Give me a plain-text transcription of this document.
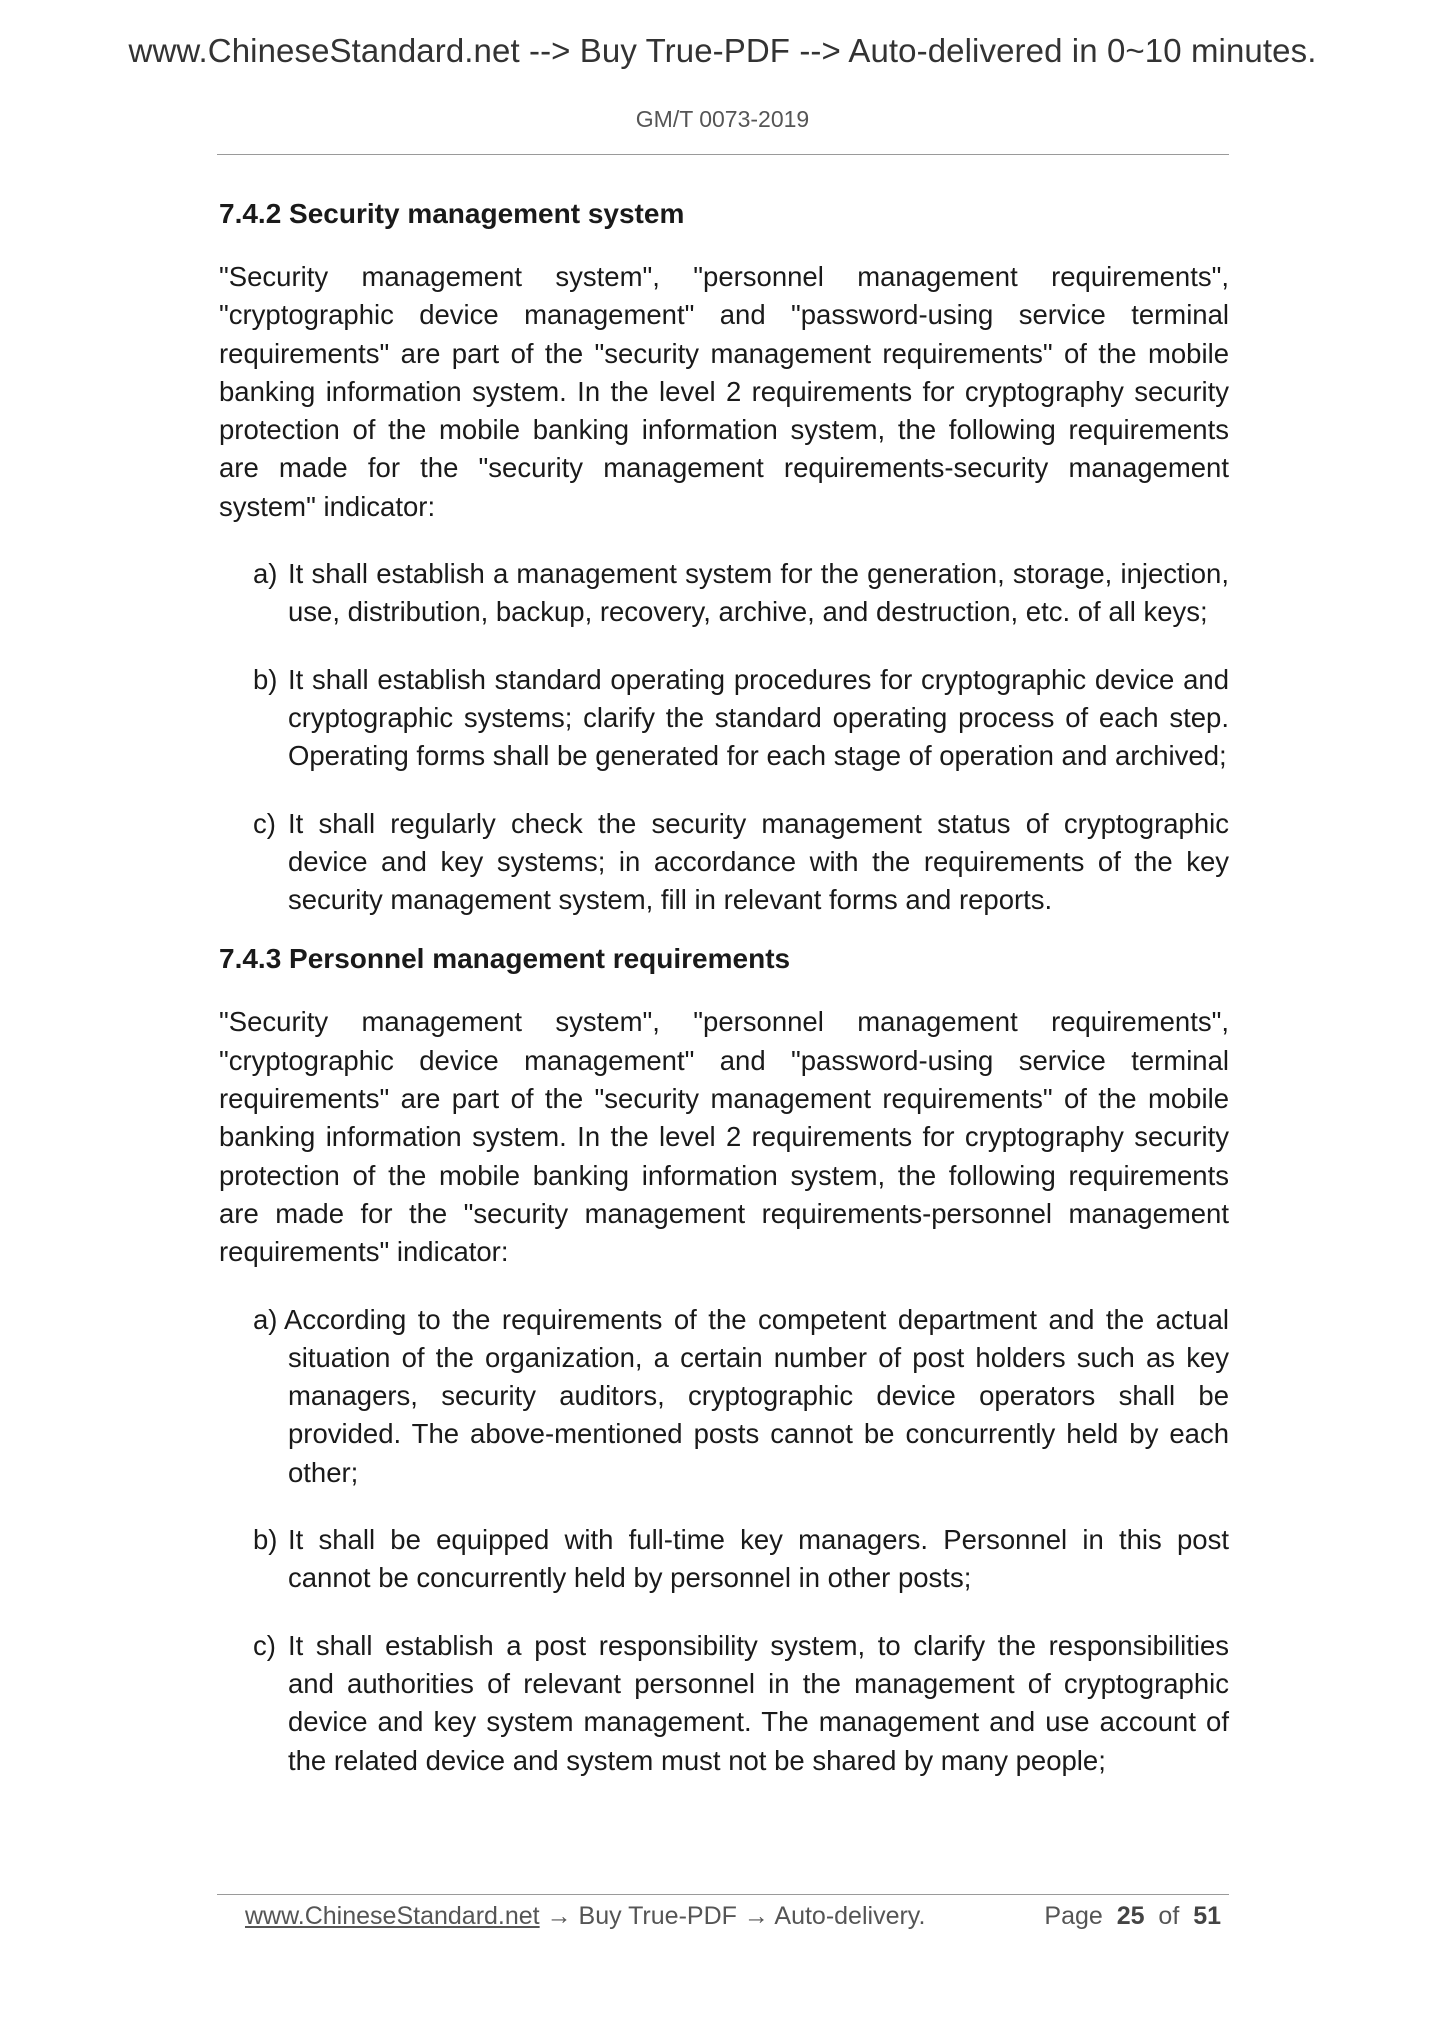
www.ChineseStandard.net --> Buy True-PDF --> Auto-delivered in 0~10 minutes.
GM/T 0073-2019
7.4.2 Security management system

"Security management system", "personnel management requirements", "cryptographic device management" and "password-using service terminal requirements" are part of the "security management requirements" of the mobile banking information system. In the level 2 requirements for cryptography security protection of the mobile banking information system, the following requirements are made for the "security management requirements-security management system" indicator:

a) It shall establish a management system for the generation, storage, injection, use, distribution, backup, recovery, archive, and destruction, etc. of all keys;
b) It shall establish standard operating procedures for cryptographic device and cryptographic systems; clarify the standard operating process of each step. Operating forms shall be generated for each stage of operation and archived;
c) It shall regularly check the security management status of cryptographic device and key systems; in accordance with the requirements of the key security management system, fill in relevant forms and reports.
7.4.3 Personnel management requirements

"Security management system", "personnel management requirements", "cryptographic device management" and "password-using service terminal requirements" are part of the "security management requirements" of the mobile banking information system. In the level 2 requirements for cryptography security protection of the mobile banking information system, the following requirements are made for the "security management requirements-personnel management requirements" indicator:

a) According to the requirements of the competent department and the actual situation of the organization, a certain number of post holders such as key managers, security auditors, cryptographic device operators shall be provided. The above-mentioned posts cannot be concurrently held by each other;
b) It shall be equipped with full-time key managers. Personnel in this post cannot be concurrently held by personnel in other posts;
c) It shall establish a post responsibility system, to clarify the responsibilities and authorities of relevant personnel in the management of cryptographic device and key system management. The management and use account of the related device and system must not be shared by many people;
www.ChineseStandard.net → Buy True-PDF → Auto-delivery.	Page 25 of 51
